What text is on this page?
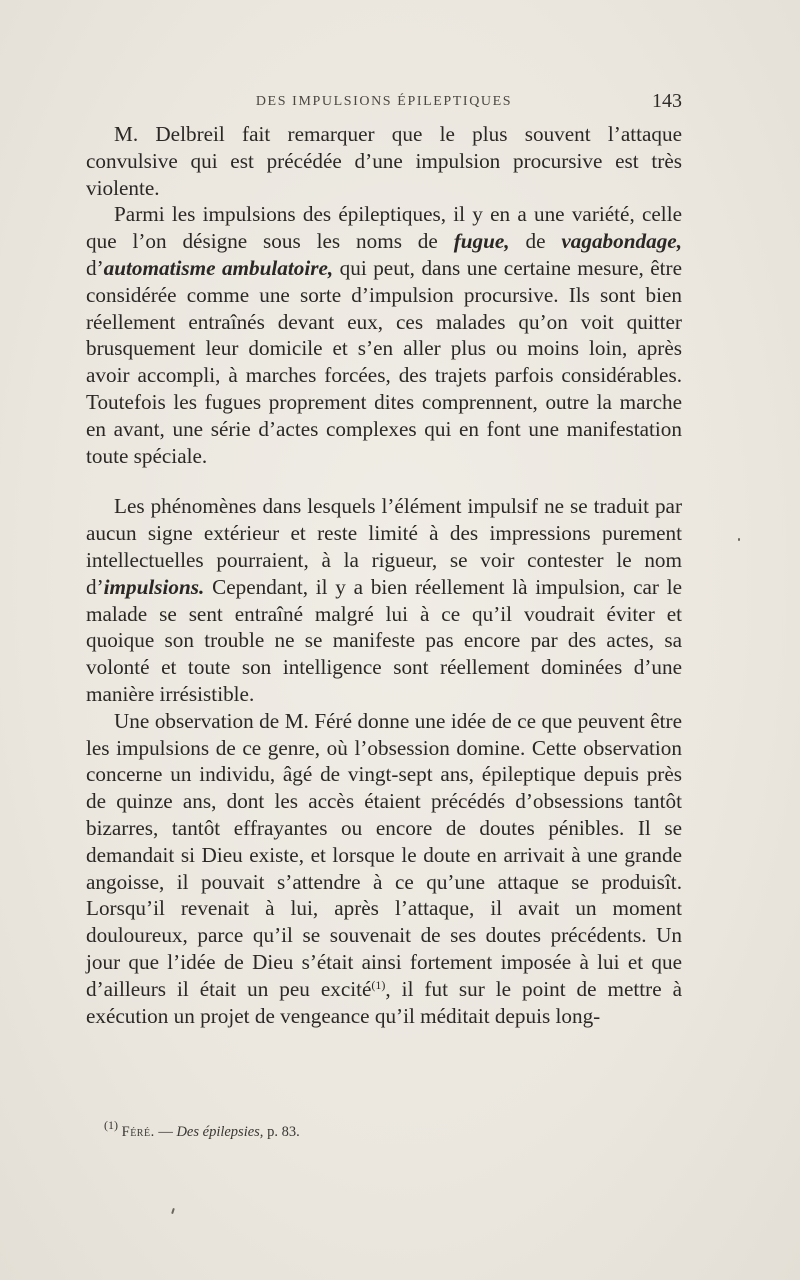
DES IMPULSIONS ÉPILEPTIQUES	143

M. Delbreil fait remarquer que le plus souvent l’attaque convulsive qui est précédée d’une impulsion procursive est très violente.

Parmi les impulsions des épileptiques, il y en a une variété, celle que l’on désigne sous les noms de fugue, de vagabondage, d’automatisme ambulatoire, qui peut, dans une certaine mesure, être considérée comme une sorte d’impulsion procursive. Ils sont bien réellement entraînés devant eux, ces malades qu’on voit quitter brusquement leur domicile et s’en aller plus ou moins loin, après avoir accompli, à marches forcées, des trajets parfois considérables. Toutefois les fugues proprement dites comprennent, outre la marche en avant, une série d’actes complexes qui en font une manifestation toute spéciale.

Les phénomènes dans lesquels l’élément impulsif ne se traduit par aucun signe extérieur et reste limité à des impressions purement intellectuelles pourraient, à la rigueur, se voir contester le nom d’impulsions. Cependant, il y a bien réellement là impulsion, car le malade se sent entraîné malgré lui à ce qu’il voudrait éviter et quoique son trouble ne se manifeste pas encore par des actes, sa volonté et toute son intelligence sont réellement dominées d’une manière irrésistible.

Une observation de M. Féré donne une idée de ce que peuvent être les impulsions de ce genre, où l’obsession domine. Cette observation concerne un individu, âgé de vingt-sept ans, épileptique depuis près de quinze ans, dont les accès étaient précédés d’obsessions tantôt bizarres, tantôt effrayantes ou encore de doutes pénibles. Il se demandait si Dieu existe, et lorsque le doute en arrivait à une grande angoisse, il pouvait s’attendre à ce qu’une attaque se produisît. Lorsqu’il revenait à lui, après l’attaque, il avait un moment douloureux, parce qu’il se souvenait de ses doutes précédents. Un jour que l’idée de Dieu s’était ainsi fortement imposée à lui et que d’ailleurs il était un peu excité$^{(1)}$, il fut sur le point de mettre à exécution un projet de vengeance qu’il méditait depuis long-

$^{(1)}$ Féré. — Des épilepsies, p. 83.
